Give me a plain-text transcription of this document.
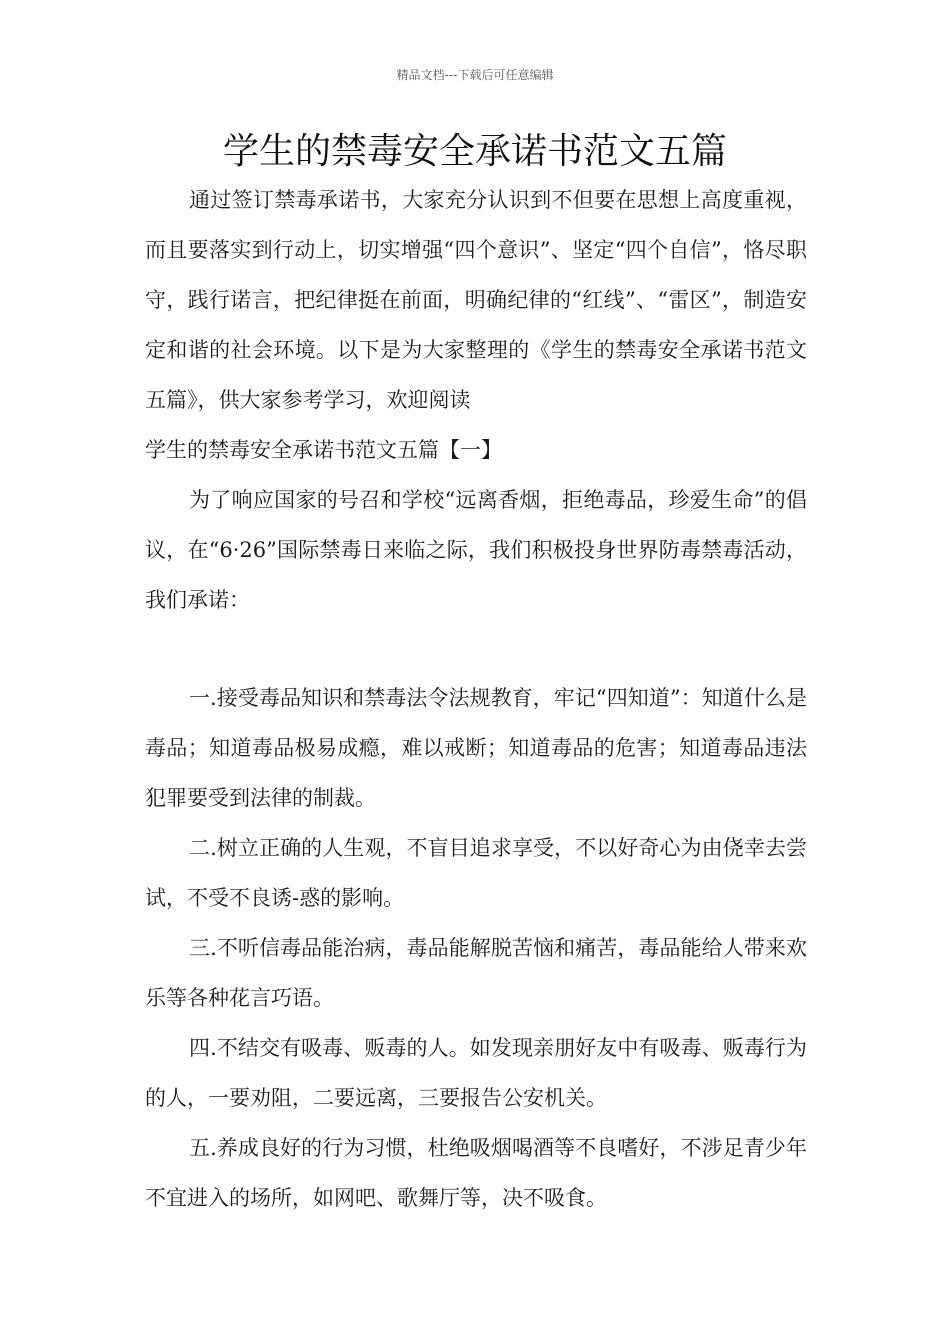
精品文档---下载后可任意编辑
学生的禁毒安全承诺书范文五篇

通过签订禁毒承诺书，大家充分认识到不但要在思想上高度重视，而且要落实到行动上，切实增强“四个意识”、坚定“四个自信”，恪尽职守，践行诺言，把纪律挺在前面，明确纪律的“红线”、“雷区”，制造安定和谐的社会环境。以下是为大家整理的《学生的禁毒安全承诺书范文五篇》，供大家参考学习，欢迎阅读

学生的禁毒安全承诺书范文五篇【一】

为了响应国家的号召和学校“远离香烟，拒绝毒品，珍爱生命”的倡议，在“6·26”国际禁毒日来临之际，我们积极投身世界防毒禁毒活动，我们承诺：

一.接受毒品知识和禁毒法令法规教育，牢记“四知道”：知道什么是毒品；知道毒品极易成瘾，难以戒断；知道毒品的危害；知道毒品违法犯罪要受到法律的制裁。

二.树立正确的人生观，不盲目追求享受，不以好奇心为由侥幸去尝试，不受不良诱-惑的影响。

三.不听信毒品能治病，毒品能解脱苦恼和痛苦，毒品能给人带来欢乐等各种花言巧语。

四.不结交有吸毒、贩毒的人。如发现亲朋好友中有吸毒、贩毒行为的人，一要劝阻，二要远离，三要报告公安机关。

五.养成良好的行为习惯，杜绝吸烟喝酒等不良嗜好，不涉足青少年不宜进入的场所，如网吧、歌舞厅等，决不吸食。
